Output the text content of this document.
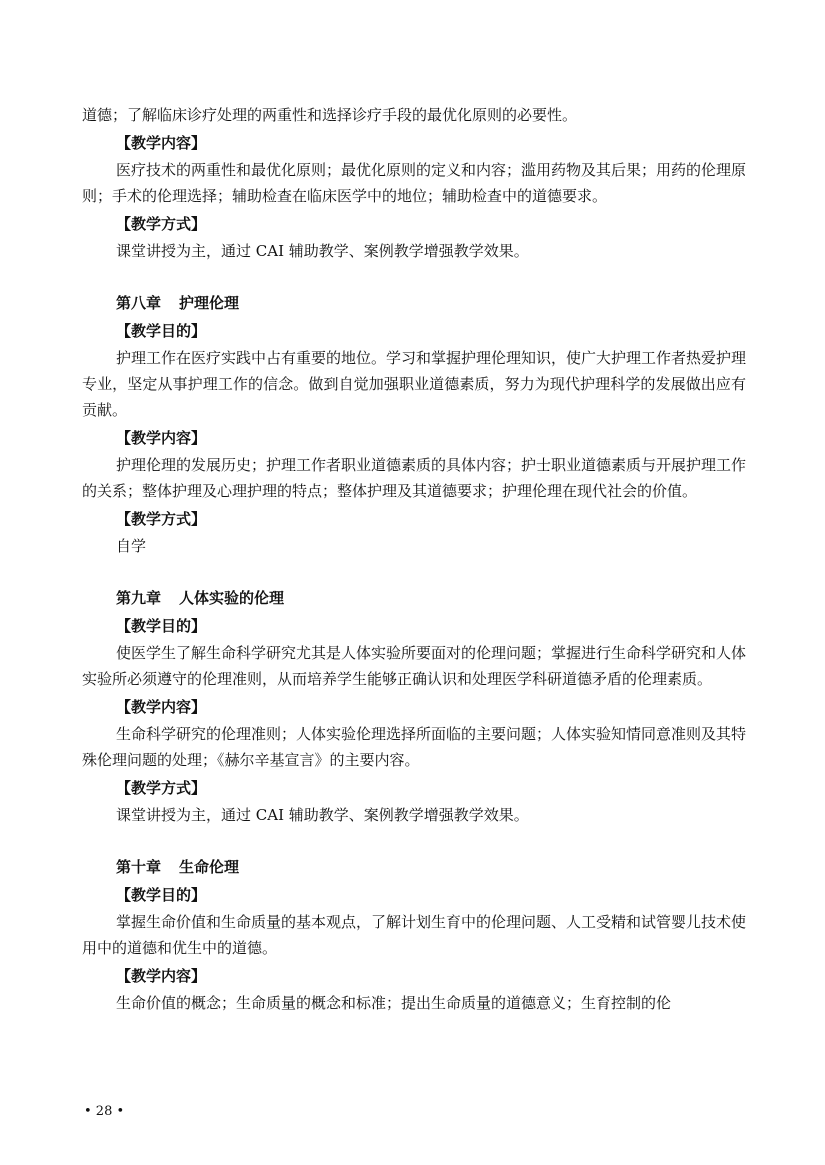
道德；了解临床诊疗处理的两重性和选择诊疗手段的最优化原则的必要性。

【教学内容】

医疗技术的两重性和最优化原则；最优化原则的定义和内容；滥用药物及其后果；用药的伦理原则；手术的伦理选择；辅助检查在临床医学中的地位；辅助检查中的道德要求。

【教学方式】

课堂讲授为主，通过 CAI 辅助教学、案例教学增强教学效果。

第八章 护理伦理
【教学目的】

护理工作在医疗实践中占有重要的地位。学习和掌握护理伦理知识，使广大护理工作者热爱护理专业，坚定从事护理工作的信念。做到自觉加强职业道德素质，努力为现代护理科学的发展做出应有贡献。

【教学内容】

护理伦理的发展历史；护理工作者职业道德素质的具体内容；护士职业道德素质与开展护理工作的关系；整体护理及心理护理的特点；整体护理及其道德要求；护理伦理在现代社会的价值。

【教学方式】

自学

第九章 人体实验的伦理
【教学目的】

使医学生了解生命科学研究尤其是人体实验所要面对的伦理问题；掌握进行生命科学研究和人体实验所必须遵守的伦理准则，从而培养学生能够正确认识和处理医学科研道德矛盾的伦理素质。

【教学内容】

生命科学研究的伦理准则；人体实验伦理选择所面临的主要问题；人体实验知情同意准则及其特殊伦理问题的处理；《赫尔辛基宣言》的主要内容。

【教学方式】

课堂讲授为主，通过 CAI 辅助教学、案例教学增强教学效果。

第十章 生命伦理
【教学目的】

掌握生命价值和生命质量的基本观点，了解计划生育中的伦理问题、人工受精和试管婴儿技术使用中的道德和优生中的道德。

【教学内容】

生命价值的概念；生命质量的概念和标准；提出生命质量的道德意义；生育控制的伦

• 28 •
